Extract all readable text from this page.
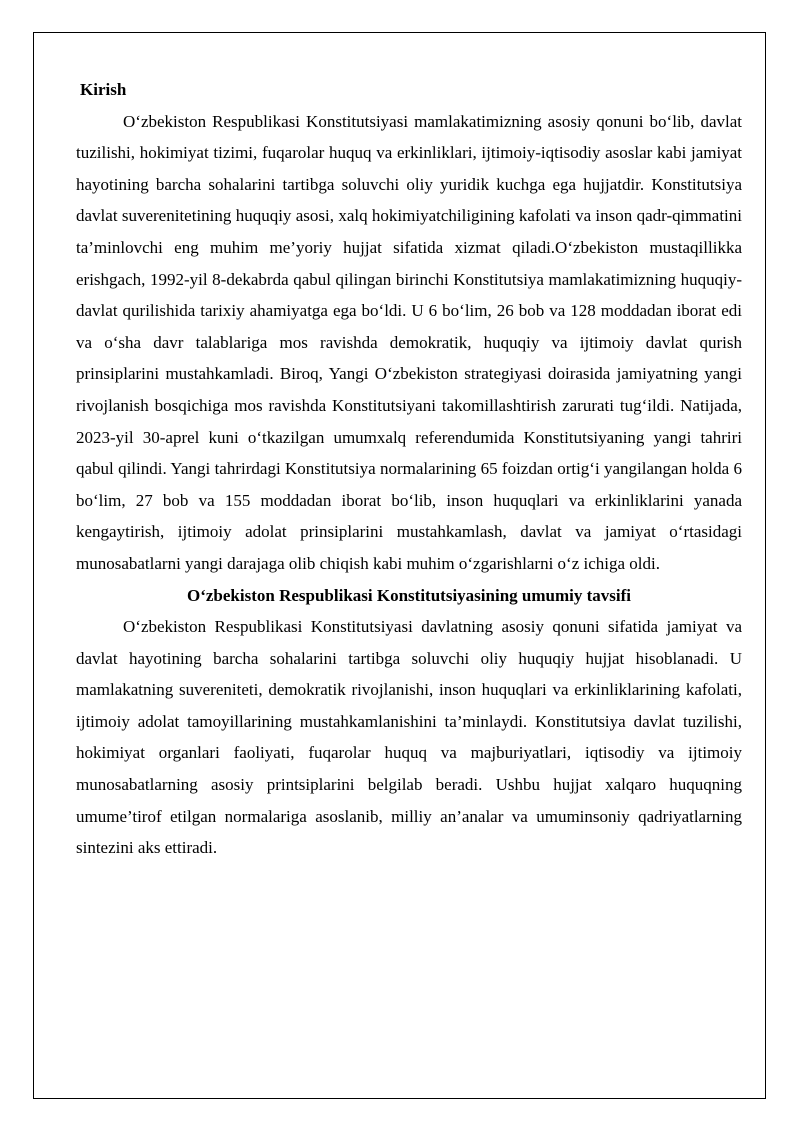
Kirish

O‘zbekiston Respublikasi Konstitutsiyasi mamlakatimizning asosiy qonuni bo‘lib, davlat tuzilishi, hokimiyat tizimi, fuqarolar huquq va erkinliklari, ijtimoiy-iqtisodiy asoslar kabi jamiyat hayotining barcha sohalarini tartibga soluvchi oliy yuridik kuchga ega hujjatdir. Konstitutsiya davlat suverenitetining huquqiy asosi, xalq hokimiyatchiligining kafolati va inson qadr-qimmatini ta’minlovchi eng muhim me’yoriy hujjat sifatida xizmat qiladi.O‘zbekiston mustaqillikka erishgach, 1992-yil 8-dekabrda qabul qilingan birinchi Konstitutsiya mamlakatimizning huquqiy-davlat qurilishida tarixiy ahamiyatga ega bo‘ldi. U 6 bo‘lim, 26 bob va 128 moddadan iborat edi va o‘sha davr talablariga mos ravishda demokratik, huquqiy va ijtimoiy davlat qurish prinsiplarini mustahkamladi. Biroq, Yangi O‘zbekiston strategiyasi doirasida jamiyatning yangi rivojlanish bosqichiga mos ravishda Konstitutsiyani takomillashtirish zarurati tug‘ildi. Natijada, 2023-yil 30-aprel kuni o‘tkazilgan umumxalq referendumida Konstitutsiyaning yangi tahriri qabul qilindi. Yangi tahrirdagi Konstitutsiya normalarining 65 foizdan ortig‘i yangilangan holda 6 bo‘lim, 27 bob va 155 moddadan iborat bo‘lib, inson huquqlari va erkinliklarini yanada kengaytirish, ijtimoiy adolat prinsiplarini mustahkamlash, davlat va jamiyat o‘rtasidagi munosabatlarni yangi darajaga olib chiqish kabi muhim o‘zgarishlarni o‘z ichiga oldi.

O‘zbekiston Respublikasi Konstitutsiyasining umumiy tavsifi

O‘zbekiston Respublikasi Konstitutsiyasi davlatning asosiy qonuni sifatida jamiyat va davlat hayotining barcha sohalarini tartibga soluvchi oliy huquqiy hujjat hisoblanadi. U mamlakatning suvereniteti, demokratik rivojlanishi, inson huquqlari va erkinliklarining kafolati, ijtimoiy adolat tamoyillarining mustahkamlanishini ta’minlaydi. Konstitutsiya davlat tuzilishi, hokimiyat organlari faoliyati, fuqarolar huquq va majburiyatlari, iqtisodiy va ijtimoiy munosabatlarning asosiy printsiplarini belgilab beradi. Ushbu hujjat xalqaro huquqning umume’tirof etilgan normalariga asoslanib, milliy an’analar va umuminsoniy qadriyatlarning sintezini aks ettiradi.
